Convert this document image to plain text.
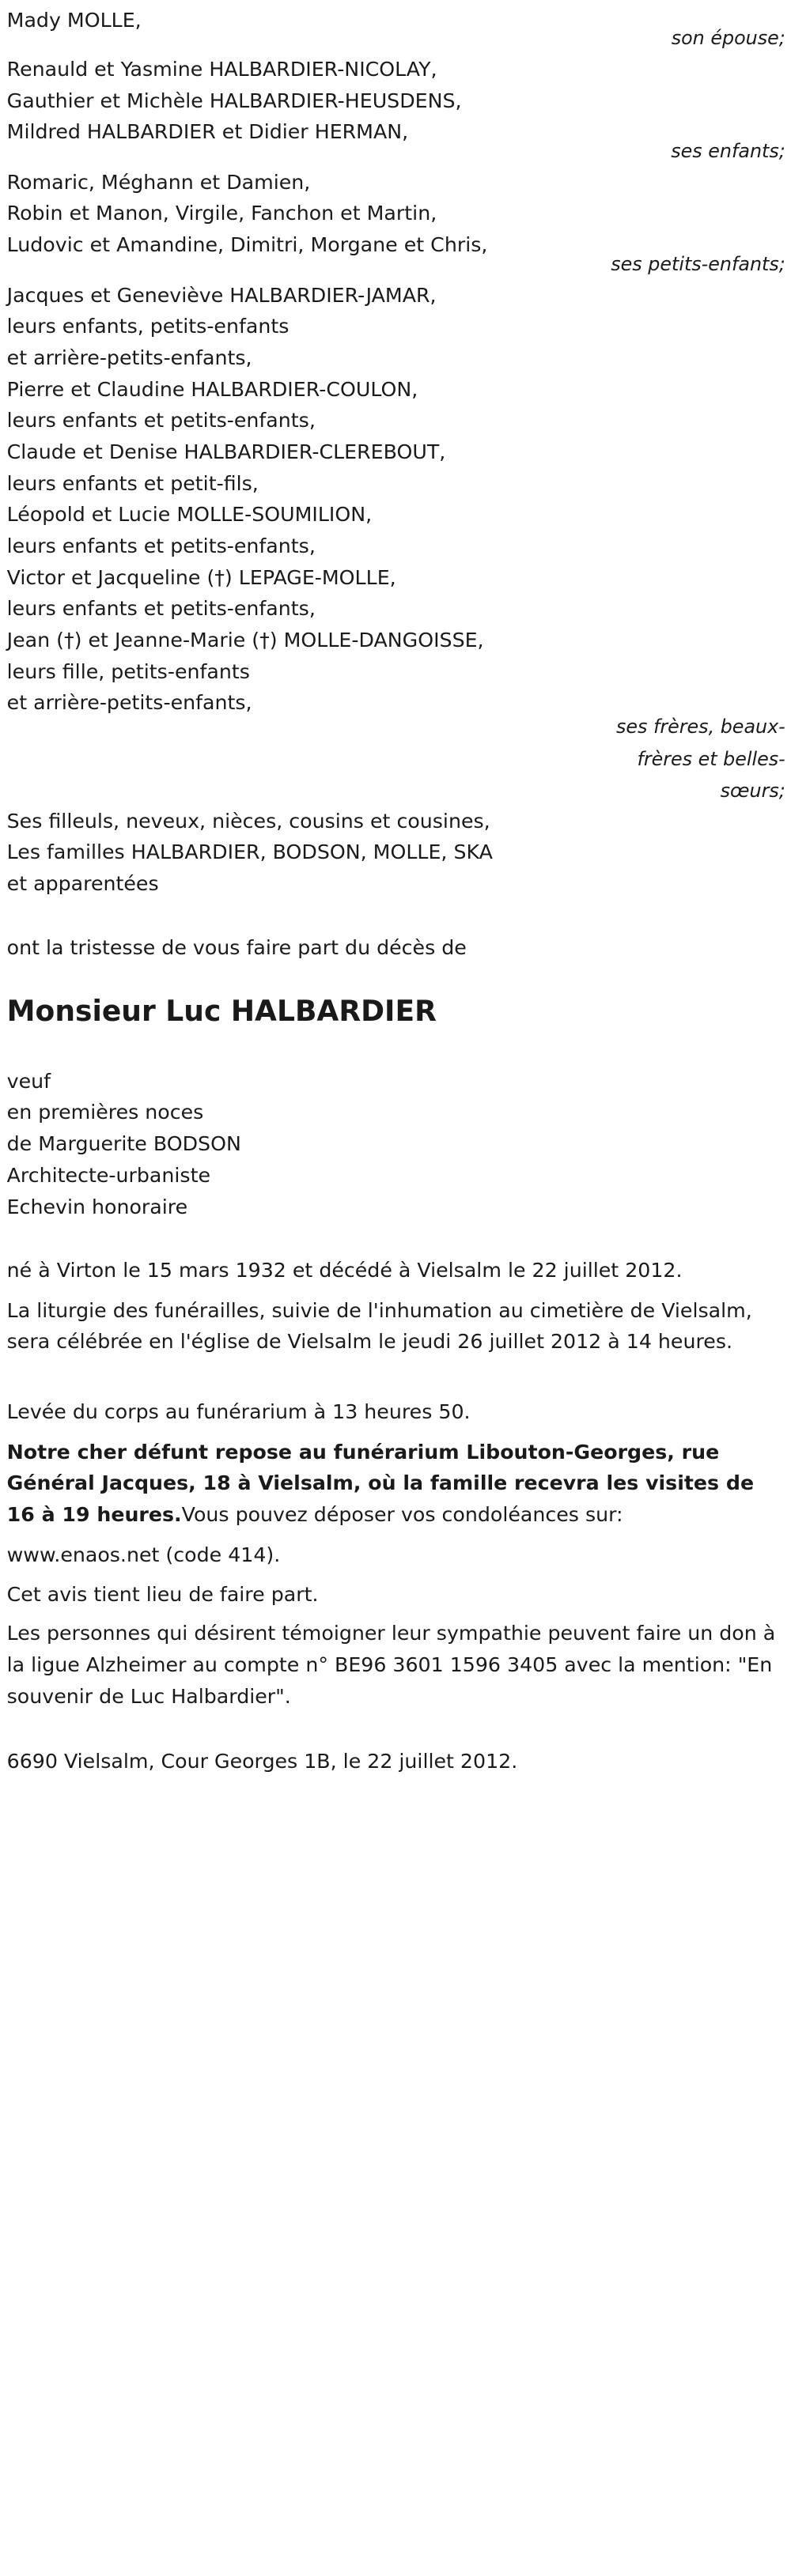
Mady MOLLE,
son épouse;
Renauld et Yasmine HALBARDIER-NICOLAY,
Gauthier et Michèle HALBARDIER-HEUSDENS,
Mildred HALBARDIER et Didier HERMAN,
ses enfants;
Romaric, Méghann et Damien,
Robin et Manon, Virgile, Fanchon et Martin,
Ludovic et Amandine, Dimitri, Morgane et Chris,
ses petits-enfants;
Jacques et Geneviève HALBARDIER-JAMAR,
leurs enfants, petits-enfants
et arrière-petits-enfants,
Pierre et Claudine HALBARDIER-COULON,
leurs enfants et petits-enfants,
Claude et Denise HALBARDIER-CLEREBOUT,
leurs enfants et petit-fils,
Léopold et Lucie MOLLE-SOUMILION,
leurs enfants et petits-enfants,
Victor et Jacqueline (†) LEPAGE-MOLLE,
leurs enfants et petits-enfants,
Jean (†) et Jeanne-Marie (†) MOLLE-DANGOISSE,
leurs fille, petits-enfants
et arrière-petits-enfants,
ses frères, beaux-
frères et belles-
sœurs;
Ses filleuls, neveux, nièces, cousins et cousines,
Les familles HALBARDIER, BODSON, MOLLE, SKA
et apparentées
ont la tristesse de vous faire part du décès de
Monsieur Luc HALBARDIER
veuf
en premières noces
de Marguerite BODSON
Architecte-urbaniste
Echevin honoraire
né à Virton le 15 mars 1932 et décédé à Vielsalm le 22 juillet 2012.
La liturgie des funérailles, suivie de l'inhumation au cimetière de Vielsalm, sera célébrée en l'église de Vielsalm le jeudi 26 juillet 2012 à 14 heures.
Levée du corps au funérarium à 13 heures 50.
Notre cher défunt repose au funérarium Libouton-Georges, rue Général Jacques, 18 à Vielsalm, où la famille recevra les visites de 16 à 19 heures.Vous pouvez déposer vos condoléances sur:
www.enaos.net (code 414).
Cet avis tient lieu de faire part.
Les personnes qui désirent témoigner leur sympathie peuvent faire un don à la ligue Alzheimer au compte n° BE96 3601 1596 3405 avec la mention: "En souvenir de Luc Halbardier".
6690 Vielsalm, Cour Georges 1B, le 22 juillet 2012.
